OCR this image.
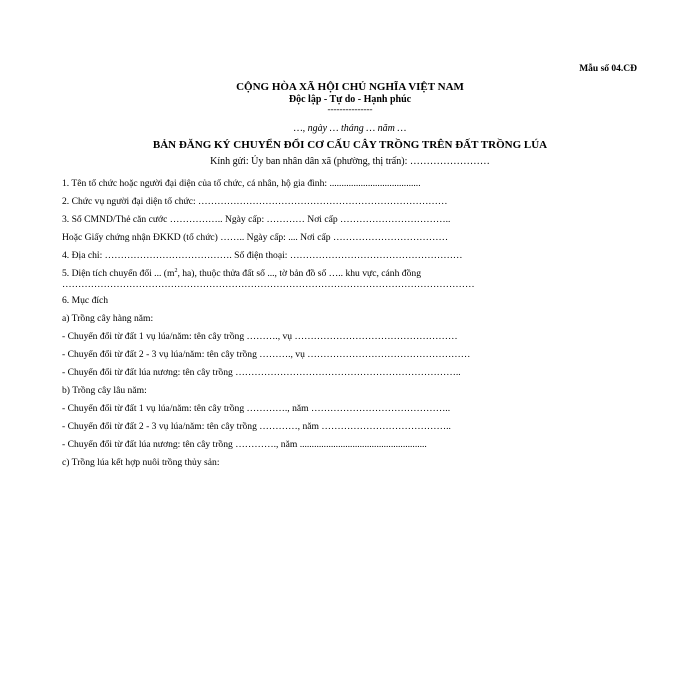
Mẫu số 04.CĐ
CỘNG HÒA XÃ HỘI CHỦ NGHĨA VIỆT NAM
Độc lập - Tự do - Hạnh phúc
---------------
…, ngày … tháng … năm …
BẢN ĐĂNG KÝ CHUYỂN ĐỔI CƠ CẤU CÂY TRỒNG TRÊN ĐẤT TRỒNG LÚA
Kính gửi: Ủy ban nhân dân xã (phường, thị trấn): ……………………
1. Tên tổ chức hoặc người đại diện của tổ chức, cá nhân, hộ gia đình: ......................................
2. Chức vụ người đại diện tổ chức: ……………………………………………………………………
3. Số CMND/Thẻ căn cước …………….. Ngày cấp: ………… Nơi cấp ……………………………..
Hoặc Giấy chứng nhận ĐKKD (tổ chức) …….. Ngày cấp: .... Nơi cấp ………………………………
4. Địa chỉ: …………………………………. Số điện thoại: ………………………………………………
5. Diện tích chuyển đổi ... ($m^2$, ha), thuộc thửa đất số ..., tờ bản đồ số ….. khu vực, cánh đồng …………………………………………………………………………………………………………………
6. Mục đích
a) Trồng cây hàng năm:
- Chuyển đổi từ đất 1 vụ lúa/năm: tên cây trồng ………., vụ ……………………………………………
- Chuyển đổi từ đất 2 - 3 vụ lúa/năm: tên cây trồng ………., vụ ……………………………………………
- Chuyển đổi từ đất lúa nương: tên cây trồng ……………………………………………………………..
b) Trồng cây lâu năm:
- Chuyển đổi từ đất 1 vụ lúa/năm: tên cây trồng …………., năm ……………………………………..
- Chuyển đổi từ đất 2 - 3 vụ lúa/năm: tên cây trồng …………, năm …………………………………..
- Chuyển đổi từ đất lúa nương: tên cây trồng …………., năm .....................................................
c) Trồng lúa kết hợp nuôi trồng thủy sản:
